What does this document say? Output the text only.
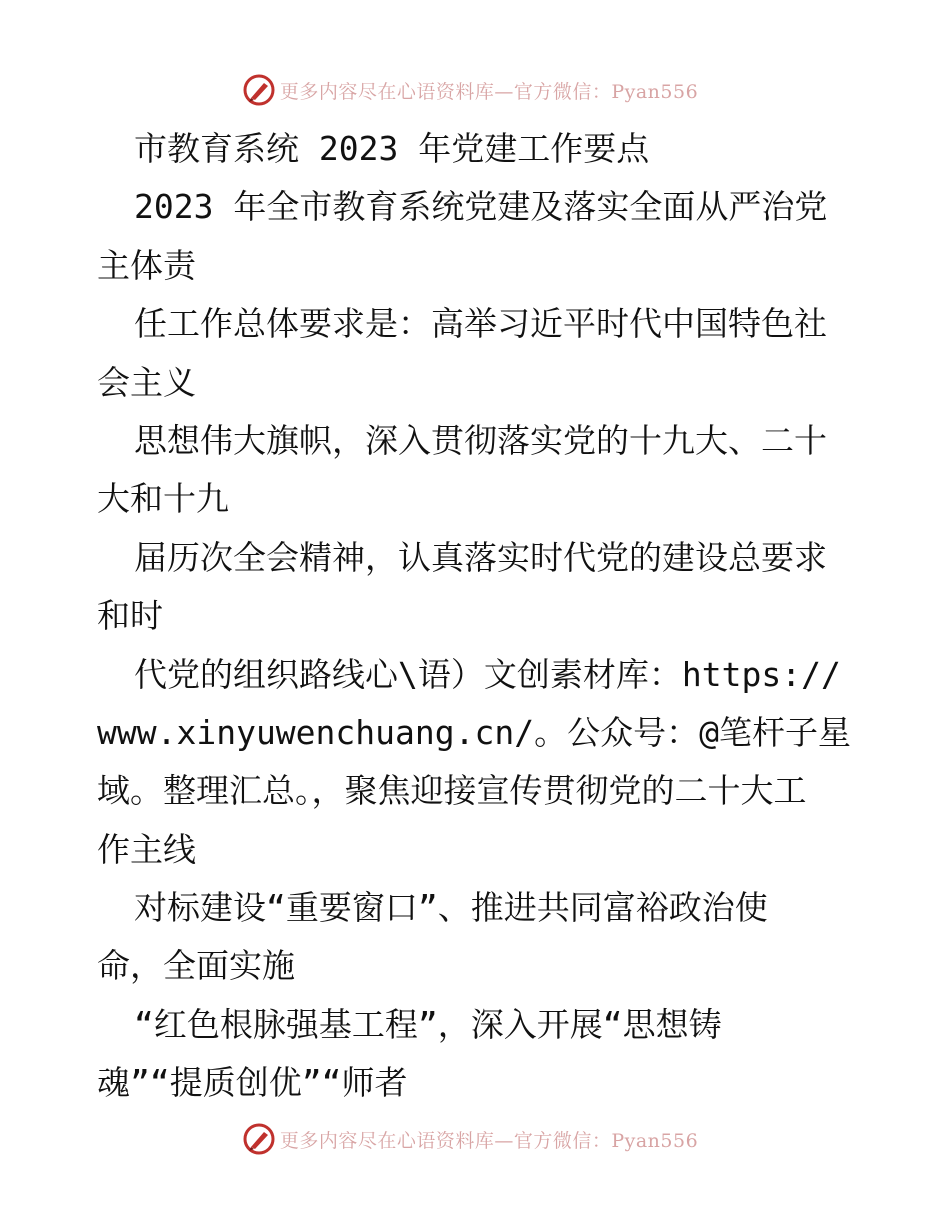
更多内容尽在心语资料库—官方微信：Pyan556
市教育系统 2023 年党建工作要点
2023 年全市教育系统党建及落实全面从严治党
主体责
任工作总体要求是：高举习近平时代中国特色社
会主义
思想伟大旗帜，深入贯彻落实党的十九大、二十
大和十九
届历次全会精神，认真落实时代党的建设总要求
和时
代党的组织路线心\语）文创素材库：https://
www.xinyuwenchuang.cn/。公众号：@笔杆子星
域。整理汇总。，聚焦迎接宣传贯彻党的二十大工
作主线
对标建设“重要窗口”、推进共同富裕政治使
命，全面实施
“红色根脉强基工程”，深入开展“思想铸
魂”“提质创优”“师者
更多内容尽在心语资料库—官方微信：Pyan556
